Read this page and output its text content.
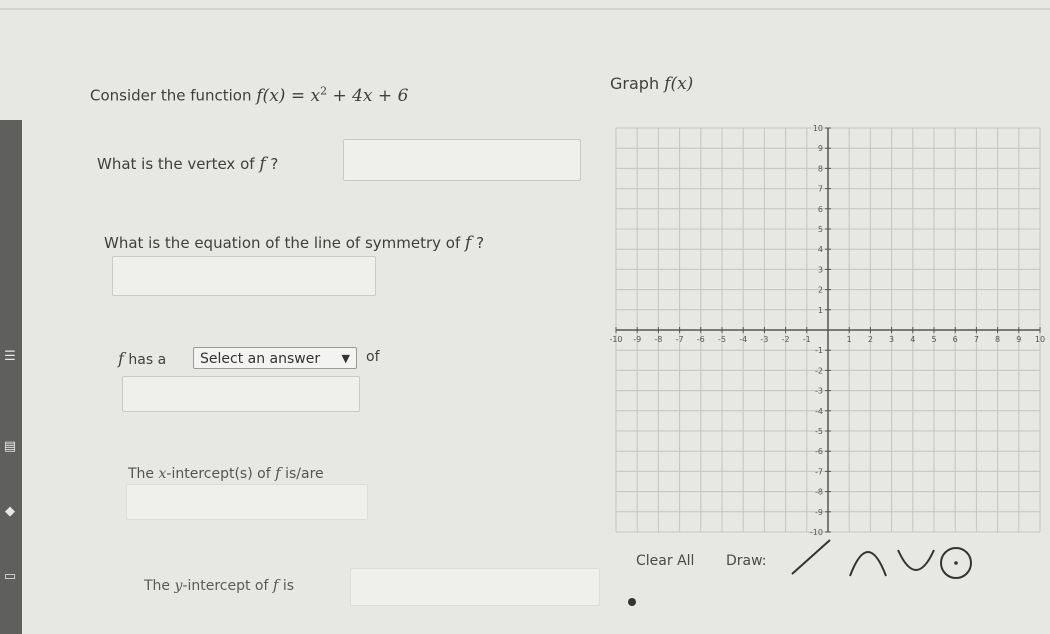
☰
▤
◆
▭
Consider the function $f(x) = x^2 + 4x + 6$
What is the vertex of f ?
What is the equation of the line of symmetry of f ?
f has a	Select an answer ▼ of
The x-intercept(s) of f is/are
The y-intercept of f is
Graph f(x)
-10 -9 -8 -7 -6 -5 -4 -3 -2 -1	1 2 3 4 5 6 7 8 9 10
10
9
8
7
6
5
4
3
2
1
-1
-2
-3
-4
-5
-6
-7
-8
-9
-10
Clear All Draw:
